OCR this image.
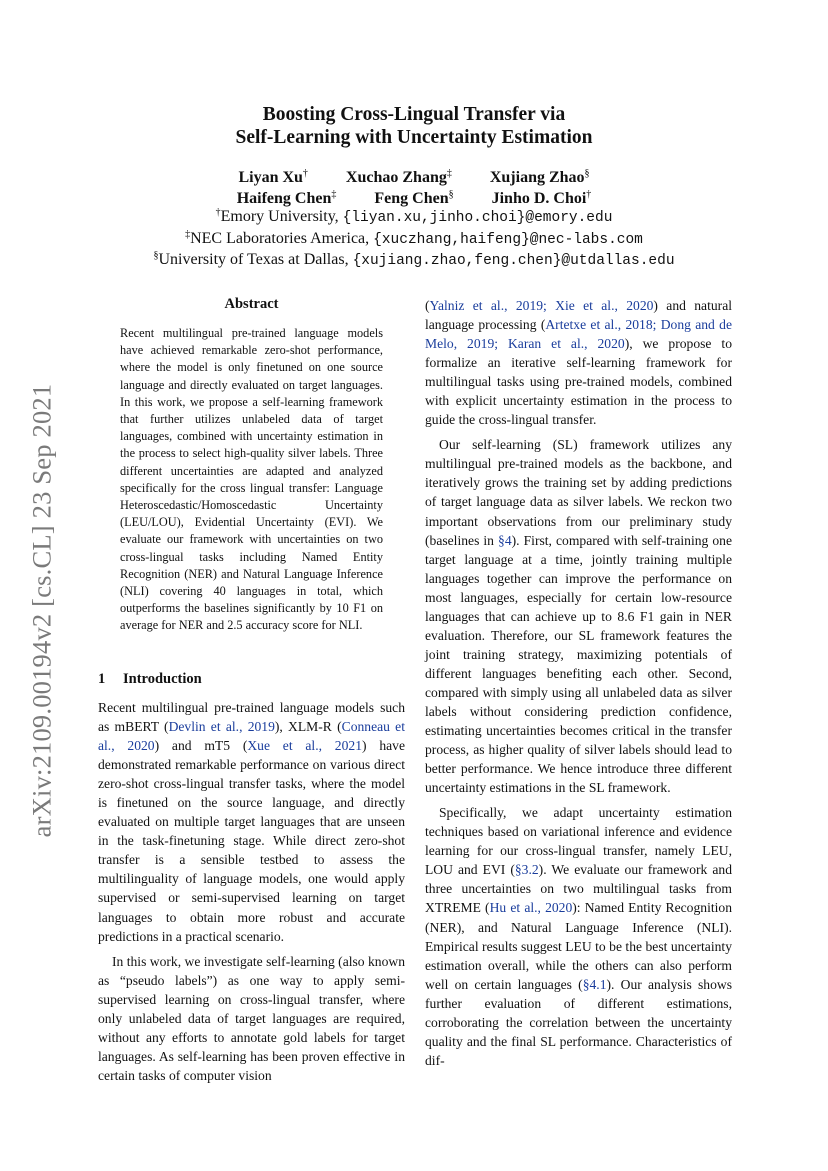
arXiv:2109.00194v2 [cs.CL] 23 Sep 2021
Boosting Cross-Lingual Transfer via
Self-Learning with Uncertainty Estimation
Liyan Xu† Xuchao Zhang‡ Xujiang Zhao§
Haifeng Chen‡ Feng Chen§ Jinho D. Choi†
†Emory University, {liyan.xu,jinho.choi}@emory.edu
‡NEC Laboratories America, {xuczhang,haifeng}@nec-labs.com
§University of Texas at Dallas, {xujiang.zhao,feng.chen}@utdallas.edu
Abstract
Recent multilingual pre-trained language models have achieved remarkable zero-shot performance, where the model is only finetuned on one source language and directly evaluated on target languages. In this work, we propose a self-learning framework that further utilizes unlabeled data of target languages, combined with uncertainty estimation in the process to select high-quality silver labels. Three different uncertainties are adapted and analyzed specifically for the cross lingual transfer: Language Heteroscedastic/Homoscedastic Uncertainty (LEU/LOU), Evidential Uncertainty (EVI). We evaluate our framework with uncertainties on two cross-lingual tasks including Named Entity Recognition (NER) and Natural Language Inference (NLI) covering 40 languages in total, which outperforms the baselines significantly by 10 F1 on average for NER and 2.5 accuracy score for NLI.
1 Introduction

Recent multilingual pre-trained language models such as mBERT (Devlin et al., 2019), XLM-R (Conneau et al., 2020) and mT5 (Xue et al., 2021) have demonstrated remarkable performance on various direct zero-shot cross-lingual transfer tasks, where the model is finetuned on the source language, and directly evaluated on multiple target languages that are unseen in the task-finetuning stage. While direct zero-shot transfer is a sensible testbed to assess the multilinguality of language models, one would apply supervised or semi-supervised learning on target languages to obtain more robust and accurate predictions in a practical scenario.

In this work, we investigate self-learning (also known as “pseudo labels”) as one way to apply semi-supervised learning on cross-lingual transfer, where only unlabeled data of target languages are required, without any efforts to annotate gold labels for target languages. As self-learning has been proven effective in certain tasks of computer vision

(Yalniz et al., 2019; Xie et al., 2020) and natural language processing (Artetxe et al., 2018; Dong and de Melo, 2019; Karan et al., 2020), we propose to formalize an iterative self-learning framework for multilingual tasks using pre-trained models, combined with explicit uncertainty estimation in the process to guide the cross-lingual transfer.

Our self-learning (SL) framework utilizes any multilingual pre-trained models as the backbone, and iteratively grows the training set by adding predictions of target language data as silver labels. We reckon two important observations from our preliminary study (baselines in §4). First, compared with self-training one target language at a time, jointly training multiple languages together can improve the performance on most languages, especially for certain low-resource languages that can achieve up to 8.6 F1 gain in NER evaluation. Therefore, our SL framework features the joint training strategy, maximizing potentials of different languages benefiting each other. Second, compared with simply using all unlabeled data as silver labels without considering prediction confidence, estimating uncertainties becomes critical in the transfer process, as higher quality of silver labels should lead to better performance. We hence introduce three different uncertainty estimations in the SL framework.

Specifically, we adapt uncertainty estimation techniques based on variational inference and evidence learning for our cross-lingual transfer, namely LEU, LOU and EVI (§3.2). We evaluate our framework and three uncertainties on two multilingual tasks from XTREME (Hu et al., 2020): Named Entity Recognition (NER), and Natural Language Inference (NLI). Empirical results suggest LEU to be the best uncertainty estimation overall, while the others can also perform well on certain languages (§4.1). Our analysis shows further evaluation of different estimations, corroborating the correlation between the uncertainty quality and the final SL performance. Characteristics of dif-
